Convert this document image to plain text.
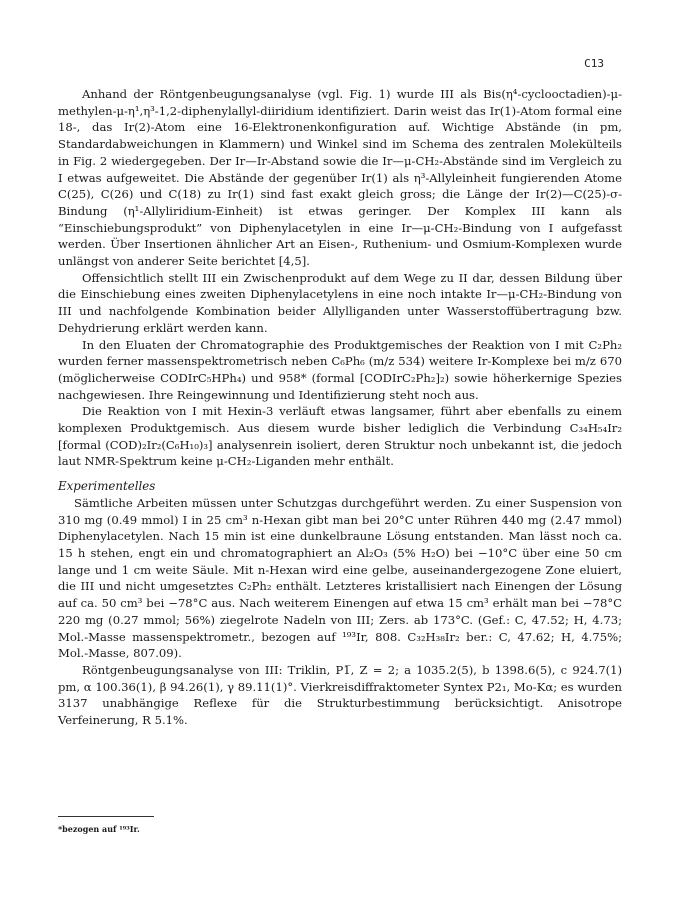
C13

Anhand der Röntgenbeugungsanalyse (vgl. Fig. 1) wurde III als Bis(η⁴-cyclooctadien)-μ-methylen-μ-η¹,η³-1,2-diphenylallyl-diiridium identifiziert. Darin weist das Ir(1)-Atom formal eine 18-, das Ir(2)-Atom eine 16-Elektronenkonfiguration auf. Wichtige Abstände (in pm, Standardabweichungen in Klammern) und Winkel sind im Schema des zentralen Molekülteils in Fig. 2 wiedergegeben. Der Ir—Ir-Abstand sowie die Ir—μ-CH₂-Abstände sind im Vergleich zu I etwas aufgeweitet. Die Abstände der gegenüber Ir(1) als η³-Allyleinheit fungierenden Atome C(25), C(26) und C(18) zu Ir(1) sind fast exakt gleich gross; die Länge der Ir(2)—C(25)-σ-Bindung (η¹-Allyliridium-Einheit) ist etwas geringer. Der Komplex III kann als “Einschiebungsprodukt” von Diphenylacetylen in eine Ir—μ-CH₂-Bindung von I aufgefasst werden. Über Insertionen ähnlicher Art an Eisen-, Ruthenium- und Osmium-Komplexen wurde unlängst von anderer Seite berichtet [4,5].

Offensichtlich stellt III ein Zwischenprodukt auf dem Wege zu II dar, dessen Bildung über die Einschiebung eines zweiten Diphenylacetylens in eine noch intakte Ir—μ-CH₂-Bindung von III und nachfolgende Kombination beider Allylliganden unter Wasserstoffübertragung bzw. Dehydrierung erklärt werden kann.

In den Eluaten der Chromatographie des Produktgemisches der Reaktion von I mit C₂Ph₂ wurden ferner massenspektrometrisch neben C₆Ph₆ (m/z 534) weitere Ir-Komplexe bei m/z 670 (möglicherweise CODIrC₅HPh₄) und 958* (formal [CODIrC₂Ph₂]₂) sowie höherkernige Spezies nachgewiesen. Ihre Reingewinnung und Identifizierung steht noch aus.

Die Reaktion von I mit Hexin-3 verläuft etwas langsamer, führt aber ebenfalls zu einem komplexen Produktgemisch. Aus diesem wurde bisher lediglich die Verbindung C₃₄H₅₄Ir₂ [formal (COD)₂Ir₂(C₆H₁₀)₃] analysenrein isoliert, deren Struktur noch unbekannt ist, die jedoch laut NMR-Spektrum keine μ-CH₂-Liganden mehr enthält.

Experimentelles

Sämtliche Arbeiten müssen unter Schutzgas durchgeführt werden. Zu einer Suspension von 310 mg (0.49 mmol) I in 25 cm³ n-Hexan gibt man bei 20°C unter Rühren 440 mg (2.47 mmol) Diphenylacetylen. Nach 15 min ist eine dunkelbraune Lösung entstanden. Man lässt noch ca. 15 h stehen, engt ein und chromatographiert an Al₂O₃ (5% H₂O) bei −10°C über eine 50 cm lange und 1 cm weite Säule. Mit n-Hexan wird eine gelbe, auseinandergezogene Zone eluiert, die III und nicht umgesetztes C₂Ph₂ enthält. Letzteres kristallisiert nach Einengen der Lösung auf ca. 50 cm³ bei −78°C aus. Nach weiterem Einengen auf etwa 15 cm³ erhält man bei −78°C 220 mg (0.27 mmol; 56%) ziegelrote Nadeln von III; Zers. ab 173°C. (Gef.: C, 47.52; H, 4.73; Mol.-Masse massenspektrometr., bezogen auf ¹⁹³Ir, 808. C₃₂H₃₈Ir₂ ber.: C, 47.62; H, 4.75%; Mol.-Masse, 807.09).

Röntgenbeugungsanalyse von III: Triklin, P1̅, Z = 2; a 1035.2(5), b 1398.6(5), c 924.7(1) pm, α 100.36(1), β 94.26(1), γ 89.11(1)°. Vierkreisdiffraktometer Syntex P2₁, Mo-Kα; es wurden 3137 unabhängige Reflexe für die Strukturbestimmung berücksichtigt. Anisotrope Verfeinerung, R 5.1%.

*bezogen auf ¹⁹³Ir.
